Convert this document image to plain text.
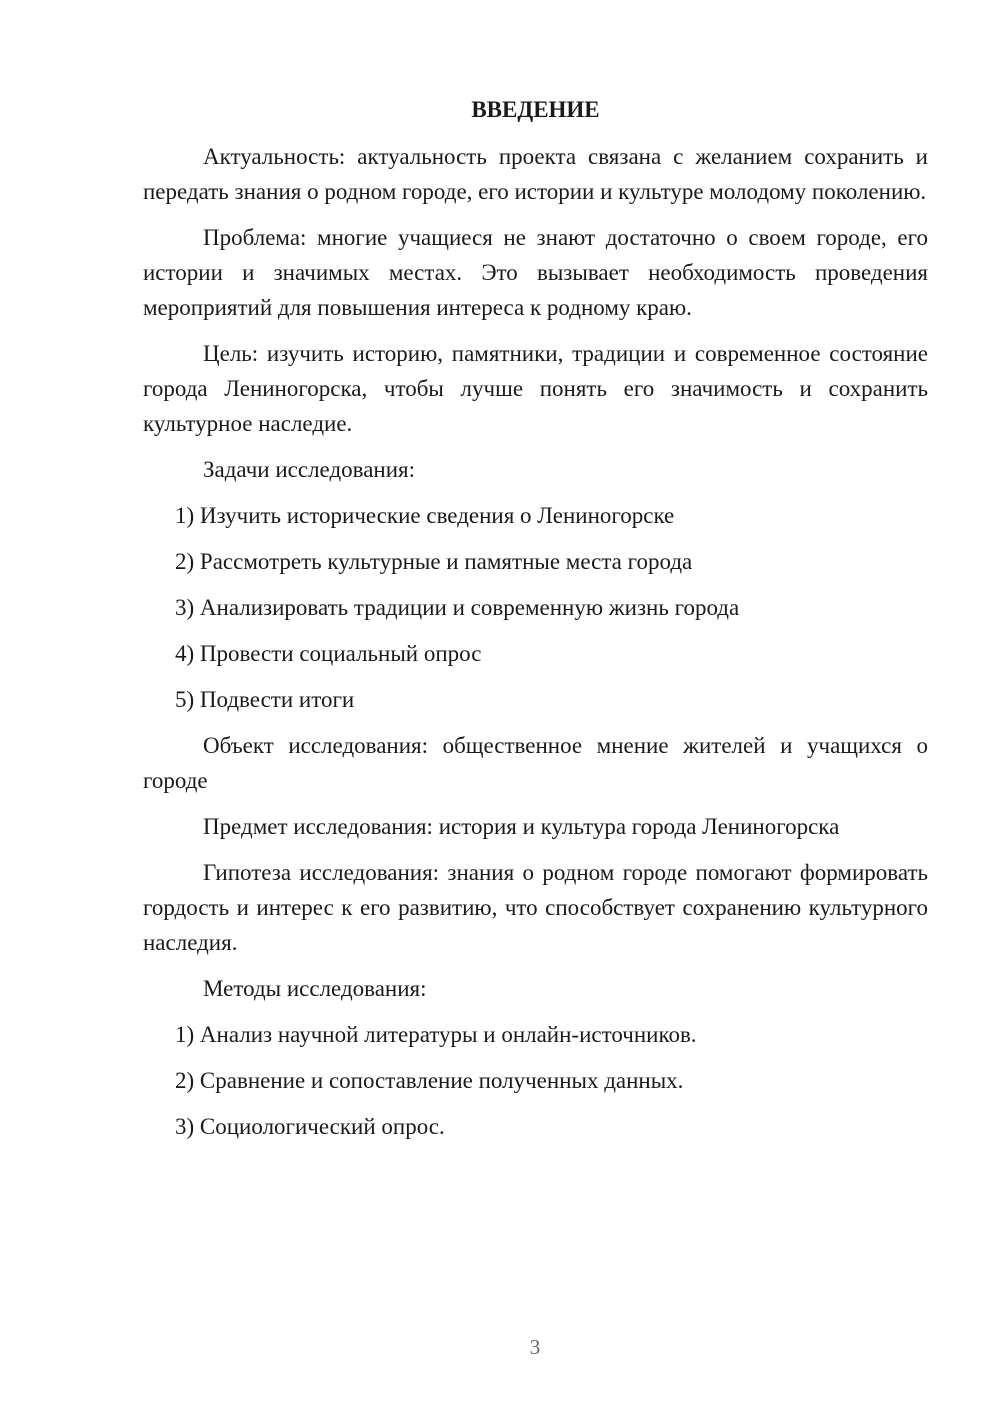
ВВЕДЕНИЕ
Актуальность: актуальность проекта связана с желанием сохранить и передать знания о родном городе, его истории и культуре молодому поколению.
Проблема: многие учащиеся не знают достаточно о своем городе, его истории и значимых местах. Это вызывает необходимость проведения мероприятий для повышения интереса к родному краю.
Цель: изучить историю, памятники, традиции и современное состояние города Лениногорска, чтобы лучше понять его значимость и сохранить культурное наследие.
Задачи исследования:
1) Изучить исторические сведения о Лениногорске
2) Рассмотреть культурные и памятные места города
3) Анализировать традиции и современную жизнь города
4) Провести социальный опрос
5) Подвести итоги
Объект исследования: общественное мнение жителей и учащихся о городе
Предмет исследования: история и культура города Лениногорска
Гипотеза исследования: знания о родном городе помогают формировать гордость и интерес к его развитию, что способствует сохранению культурного наследия.
Методы исследования:
1) Анализ научной литературы и онлайн-источников.
2) Сравнение и сопоставление полученных данных.
3) Социологический опрос.
3
